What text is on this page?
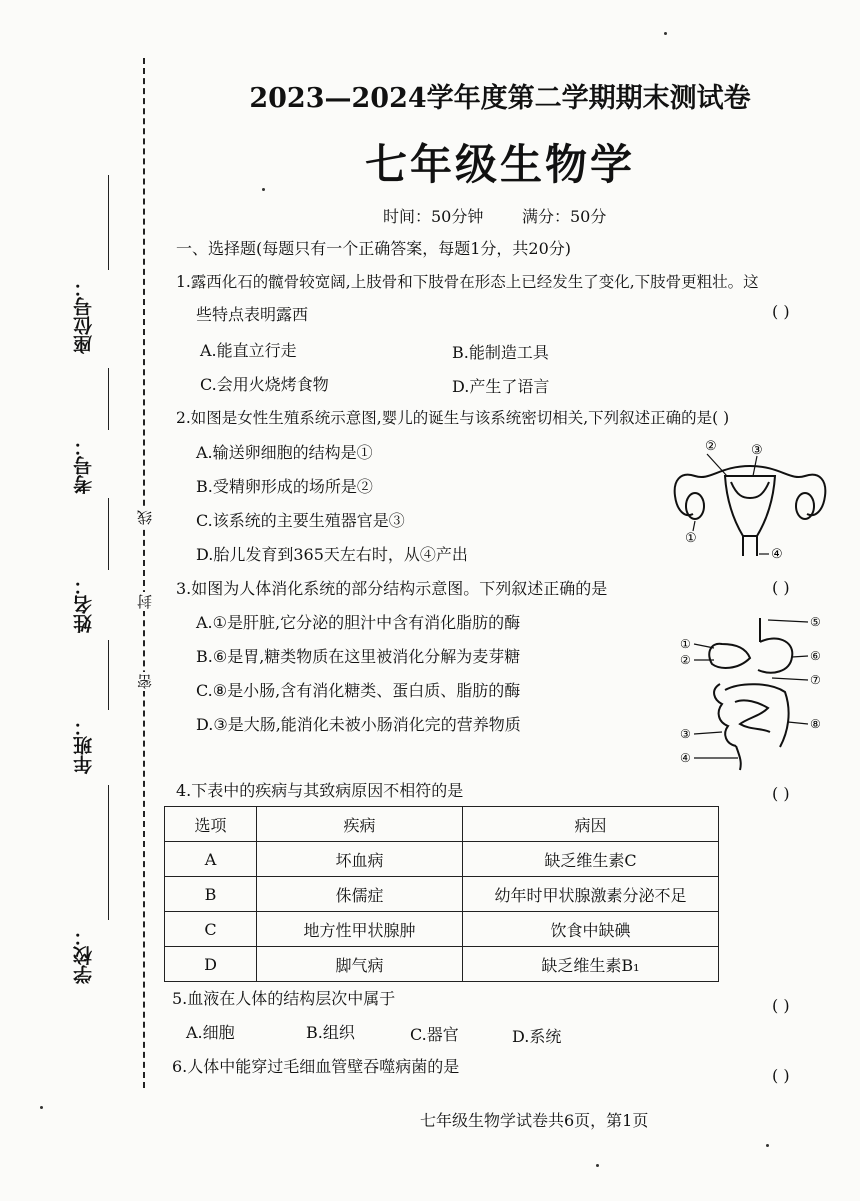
线
封
密
座位号：
考号：
姓名：
年班：
学校：
2023—2024学年度第二学期期末测试卷
七年级生物学
时间：50分钟 满分：50分
一、选择题(每题只有一个正确答案，每题1分，共20分)
1.露西化石的髋骨较宽阔,上肢骨和下肢骨在形态上已经发生了变化,下肢骨更粗壮。这
些特点表明露西	( )
A.能直立行走	B.能制造工具
C.会用火烧烤食物	D.产生了语言
2.如图是女性生殖系统示意图,婴儿的诞生与该系统密切相关,下列叙述正确的是( )
A.输送卵细胞的结构是①
B.受精卵形成的场所是②
C.该系统的主要生殖器官是③
D.胎儿发育到365天左右时，从④产出
②	③
①
④
3.如图为人体消化系统的部分结构示意图。下列叙述正确的是	( )
A.①是肝脏,它分泌的胆汁中含有消化脂肪的酶
B.⑥是胃,糖类物质在这里被消化分解为麦芽糖
C.⑧是小肠,含有消化糖类、蛋白质、脂肪的酶
D.③是大肠,能消化未被小肠消化完的营养物质
⑤
①
②	⑥
⑦
⑧
③
④
4.下表中的疾病与其致病原因不相符的是	( )
选项	疾病	病因
A	坏血病	缺乏维生素C
B	侏儒症	幼年时甲状腺激素分泌不足
C	地方性甲状腺肿	饮食中缺碘
D	脚气病	缺乏维生素B₁
5.血液在人体的结构层次中属于	( )
A.细胞	B.组织	C.器官	D.系统
6.人体中能穿过毛细血管壁吞噬病菌的是	( )
七年级生物学试卷共6页，第1页
